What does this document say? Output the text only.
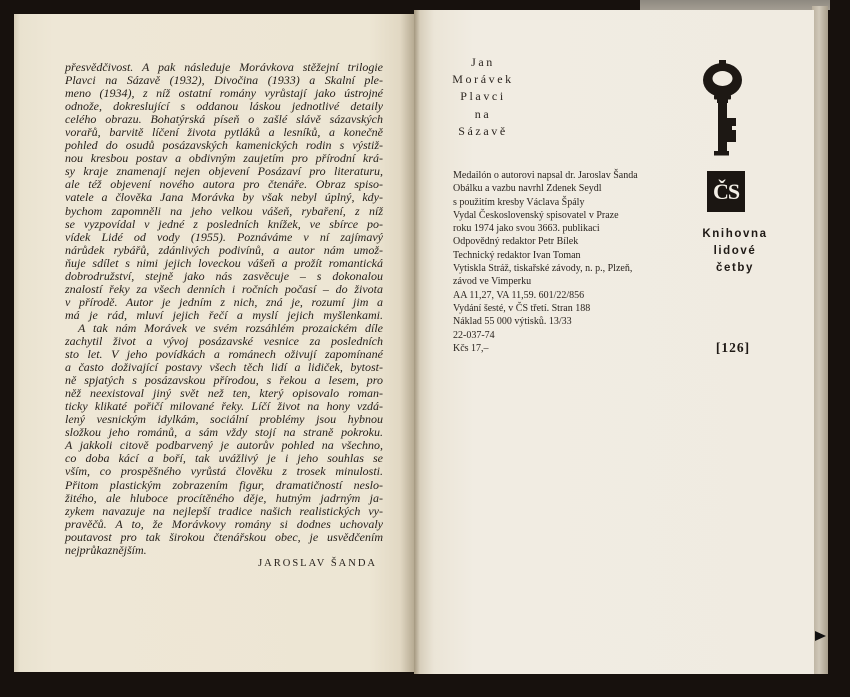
přesvědčivost. A pak následuje Morávkova stěžejní trilogie
Plavci na Sázavě (1932), Divočina (1933) a Skalní ple-
meno (1934), z níž ostatní romány vyrůstají jako ústrojné
odnože, dokreslující s oddanou láskou jednotlivé detaily
celého obrazu. Bohatýrská píseň o zašlé slávě sázavských
vorařů, barvitě líčení života pytláků a lesníků, a konečně
pohled do osudů posázavských kamenických rodin s výstiž-
nou kresbou postav a obdivným zaujetím pro přírodní krá-
sy kraje znamenají nejen objevení Posázaví pro literaturu,
ale též objevení nového autora pro čtenáře. Obraz spiso-
vatele a člověka Jana Morávka by však nebyl úplný, kdy-
bychom zapomněli na jeho velkou vášeň, rybaření, z níž
se vyzpovídal v jedné z posledních knížek, ve sbírce po-
vídek Lidé od vody (1955). Poznáváme v ní zajímavý
nárůdek rybářů, zdánlivých podivínů, a autor nám umož-
ňuje sdílet s nimi jejich loveckou vášeň a prožít romantická
dobrodružství, stejně jako nás zasvěcuje – s dokonalou
znalostí řeky za všech denních i ročních počasí – do života
v přírodě. Autor je jedním z nich, zná je, rozumí jim a
má je rád, mluví jejich řečí a myslí jejich myšlenkami.
A tak nám Morávek ve svém rozsáhlém prozaickém díle
zachytil život a vývoj posázavské vesnice za posledních
sto let. V jeho povídkách a románech oživují zapomínané
a často doživající postavy všech těch lidí a lidiček, bytost-
ně spjatých s posázavskou přírodou, s řekou a lesem, pro
něž neexistoval jiný svět než ten, který opisovalo roman-
ticky klikaté pořičí milované řeky. Líčí život na hony vzdá-
lený vesnickým idylkám, sociální problémy jsou hybnou
složkou jeho románů, a sám vždy stojí na straně pokroku.
A jakkoli citově podbarvený je autorův pohled na všechno,
co doba kácí a boří, tak uvážlivý je i jeho souhlas se
vším, co prospěšného vyrůstá člověku z trosek minulosti.
Přitom plastickým zobrazením figur, dramatičností neslo-
žitého, ale hluboce procítěného děje, hutným jadrným ja-
zykem navazuje na nejlepší tradice našich realistických vy-
pravěčů. A to, že Morávkovy romány si dodnes uchovaly
poutavost pro tak širokou čtenářskou obec, je usvědčením
nejprůkaznějším.
JAROSLAV ŠANDA
Jan
Morávek
Plavci
na
Sázavě
Medailón o autorovi napsal dr. Jaroslav Šanda
Obálku a vazbu navrhl Zdenek Seydl
s použitím kresby Václava Špály
Vydal Československý spisovatel v Praze
roku 1974 jako svou 3663. publikaci
Odpovědný redaktor Petr Bílek
Technický redaktor Ivan Toman
Vytiskla Stráž, tiskařské závody, n. p., Plzeň,
závod ve Vimperku
AA 11,27, VA 11,59. 601/22/856
Vydání šesté, v ČS třetí. Stran 188
Náklad 55 000 výtisků. 13/33
22-037-74
Kčs 17,–
ČS
Knihovna
lidové
četby
[126]
